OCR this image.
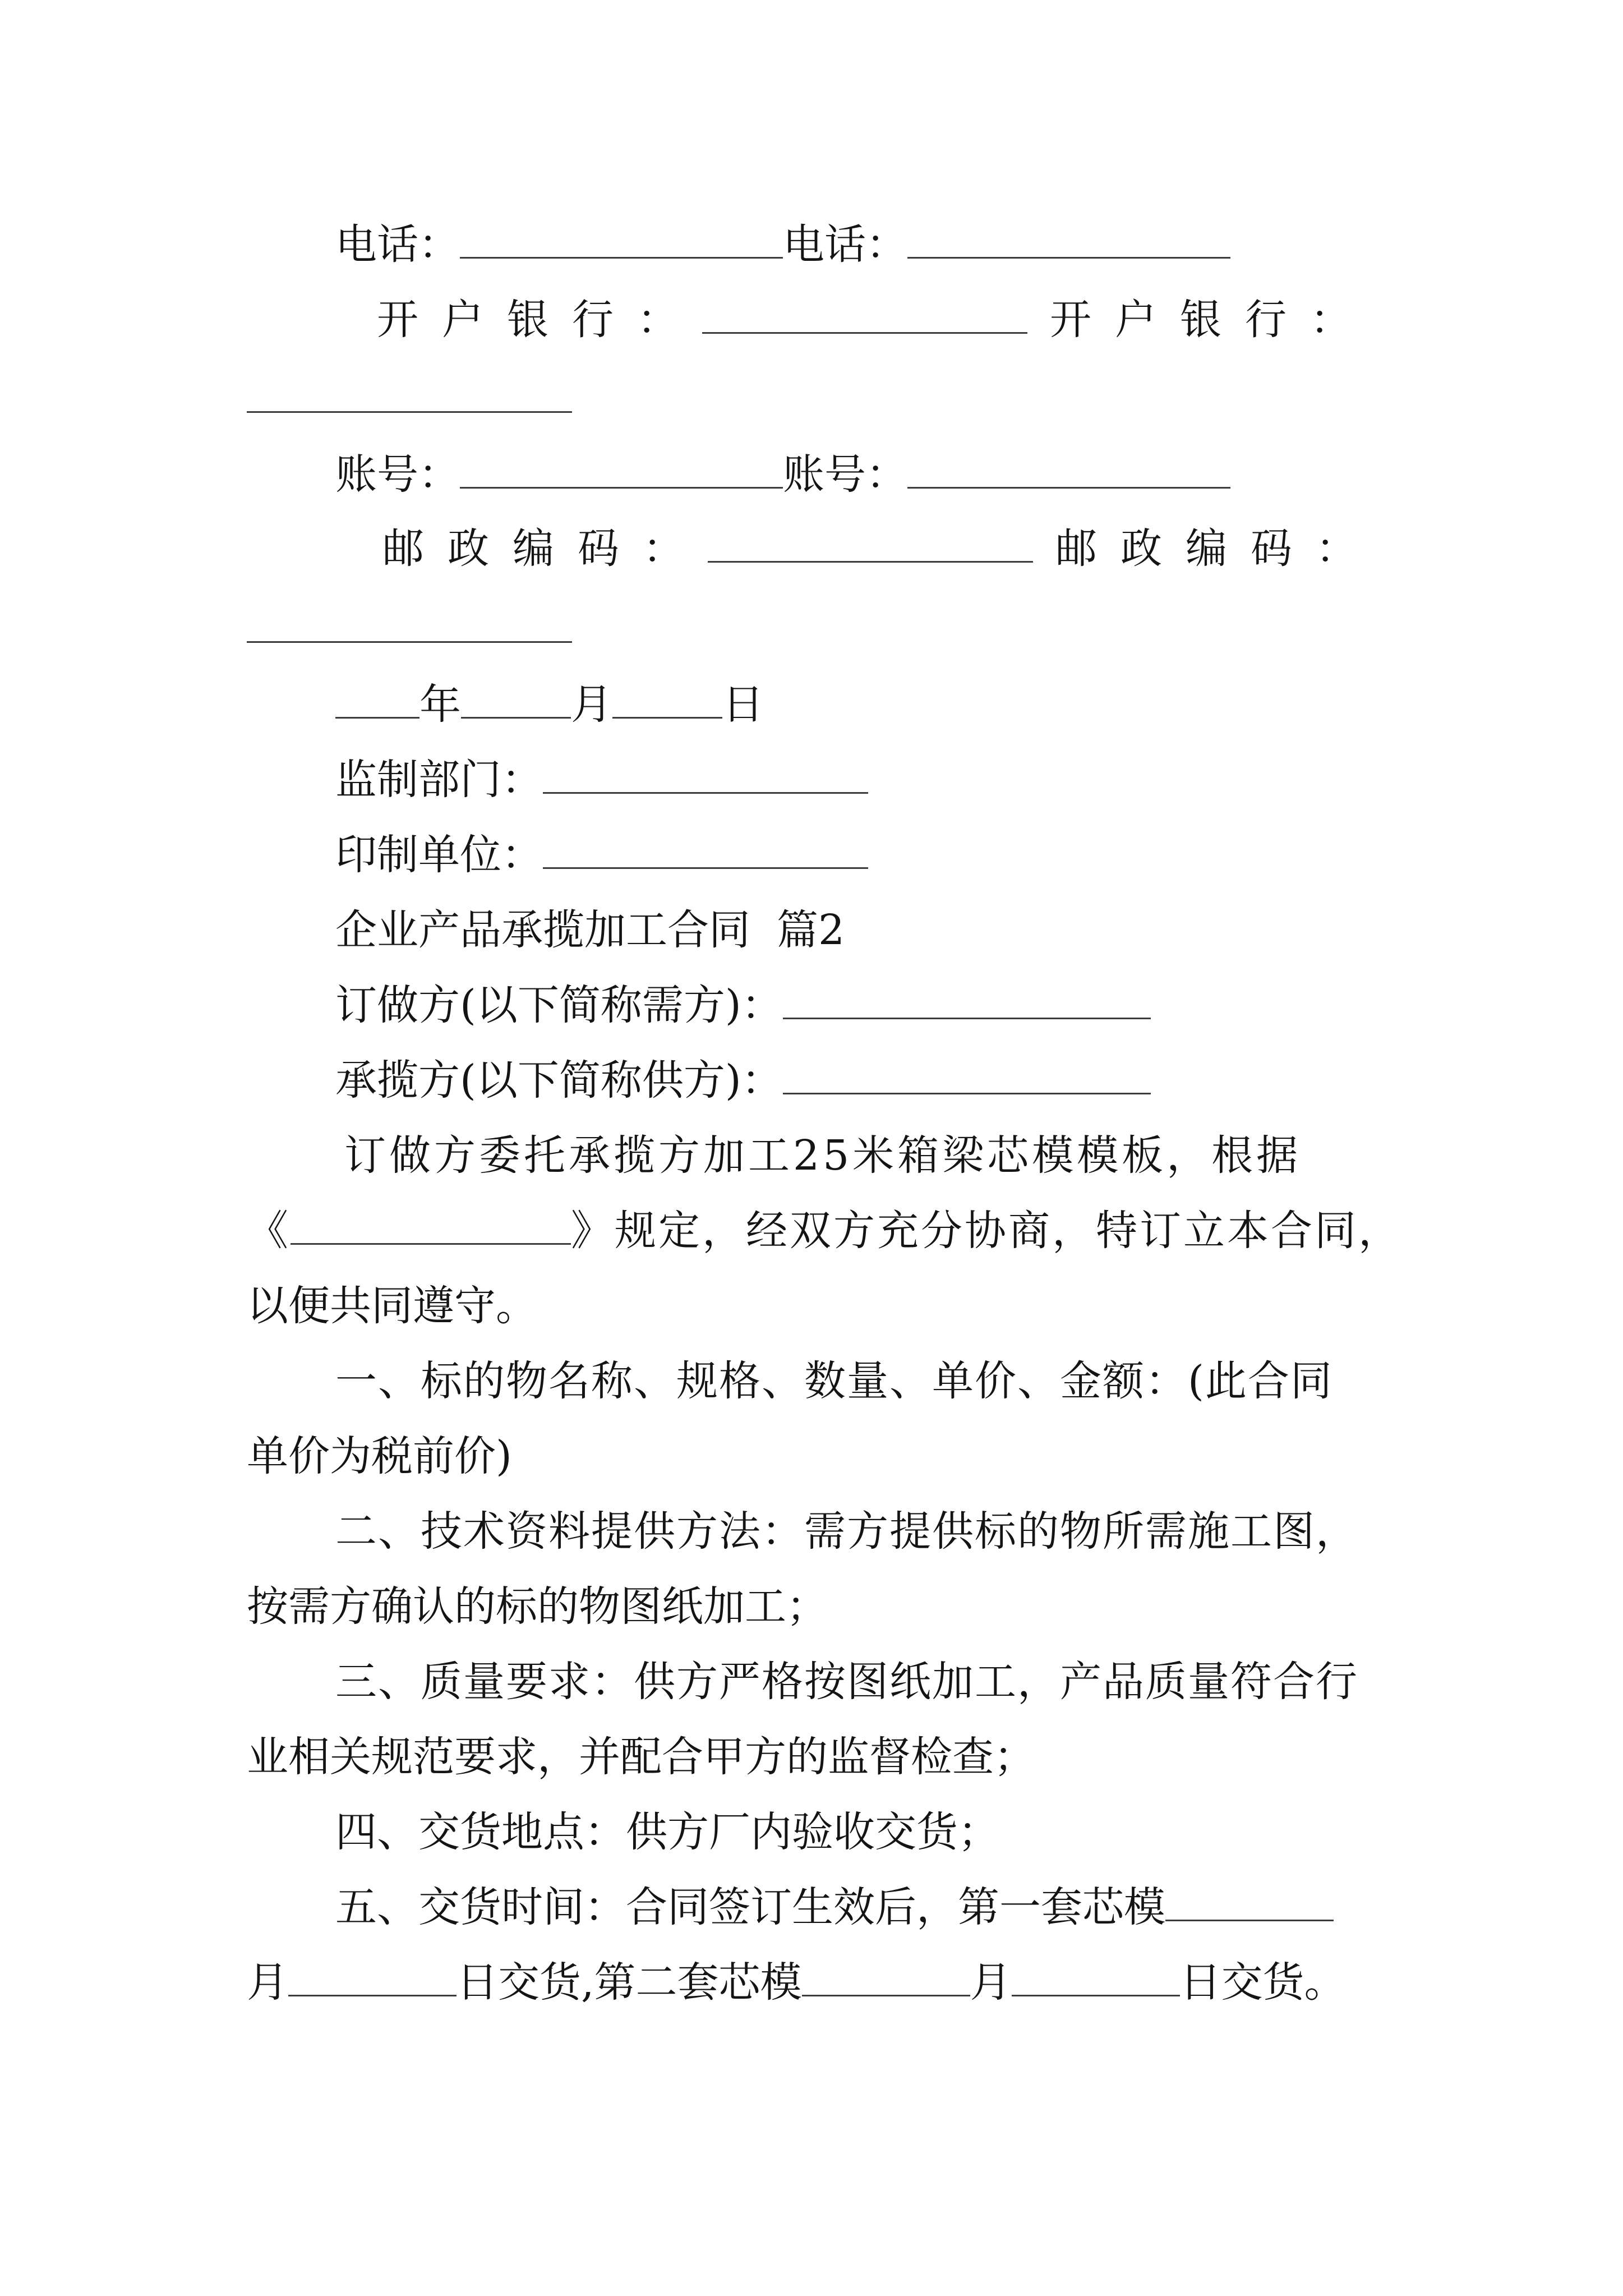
电话：	电话：
开户银行：	开户银行：
账号：	账号：
邮政编码：	邮政编码：
年	月	日
监制部门：
印制单位：
企业产品承揽加工合同  篇2
订做方(以下简称需方)：
承揽方(以下简称供方)：
订做方委托承揽方加工25米箱梁芯模模板，根据
《	》规定，经双方充分协商，特订立本合同，
以便共同遵守。
一、标的物名称、规格、数量、单价、金额：(此合同
单价为税前价)
二、技术资料提供方法：需方提供标的物所需施工图，
按需方确认的标的物图纸加工；
三、质量要求：供方严格按图纸加工，产品质量符合行
业相关规范要求，并配合甲方的监督检查；
四、交货地点：供方厂内验收交货；
五、交货时间：合同签订生效后，第一套芯模
月	日交货,第二套芯模	月	日交货。
